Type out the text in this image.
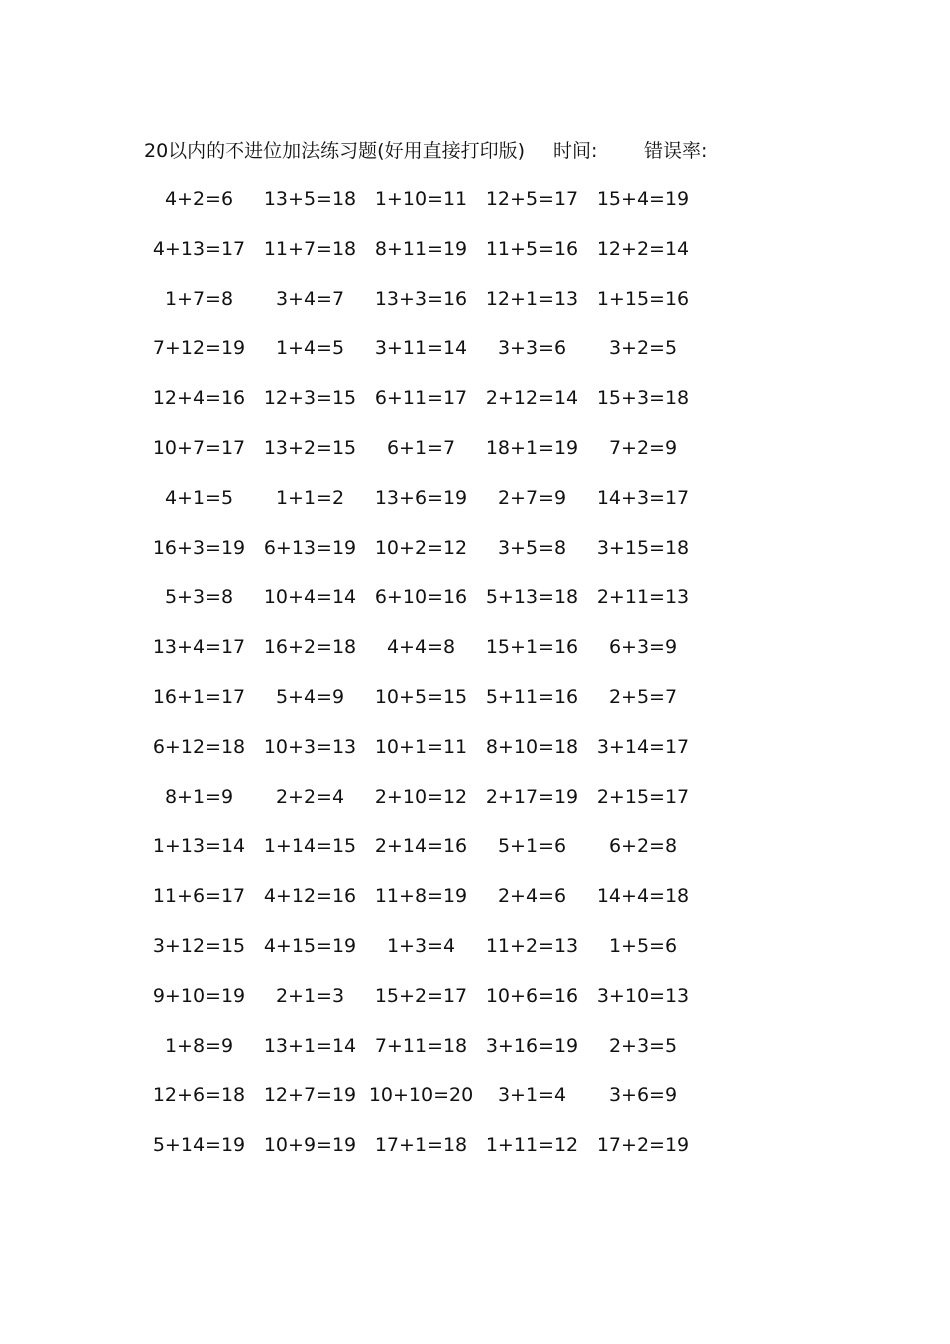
20以内的不进位加法练习题(好用直接打印版) 时间: 错误率:
4+2=6	13+5=18 1+10=11 12+5=17 15+4=19
4+13=17 11+7=18 8+11=19 11+5=16 12+2=14
1+7=8	3+4=7	13+3=16 12+1=13 1+15=16
7+12=19	1+4=5	3+11=14	3+3=6	3+2=5
12+4=16 12+3=15 6+11=17 2+12=14 15+3=18
10+7=17 13+2=15	6+1=7	18+1=19	7+2=9
4+1=5	1+1=2	13+6=19	2+7=9	14+3=17
16+3=19 6+13=19 10+2=12	3+5=8	3+15=18
5+3=8	10+4=14 6+10=16 5+13=18 2+11=13
13+4=17 16+2=18	4+4=8	15+1=16	6+3=9
16+1=17	5+4=9	10+5=15 5+11=16	2+5=7
6+12=18 10+3=13 10+1=11 8+10=18 3+14=17
8+1=9	2+2=4	2+10=12 2+17=19 2+15=17
1+13=14 1+14=15 2+14=16	5+1=6	6+2=8
11+6=17 4+12=16 11+8=19	2+4=6	14+4=18
3+12=15 4+15=19	1+3=4	11+2=13	1+5=6
9+10=19	2+1=3	15+2=17 10+6=16 3+10=13
1+8=9	13+1=14 7+11=18 3+16=19	2+3=5
12+6=18 12+7=19 10+10=20	3+1=4	3+6=9
5+14=19 10+9=19 17+1=18 1+11=12 17+2=19
